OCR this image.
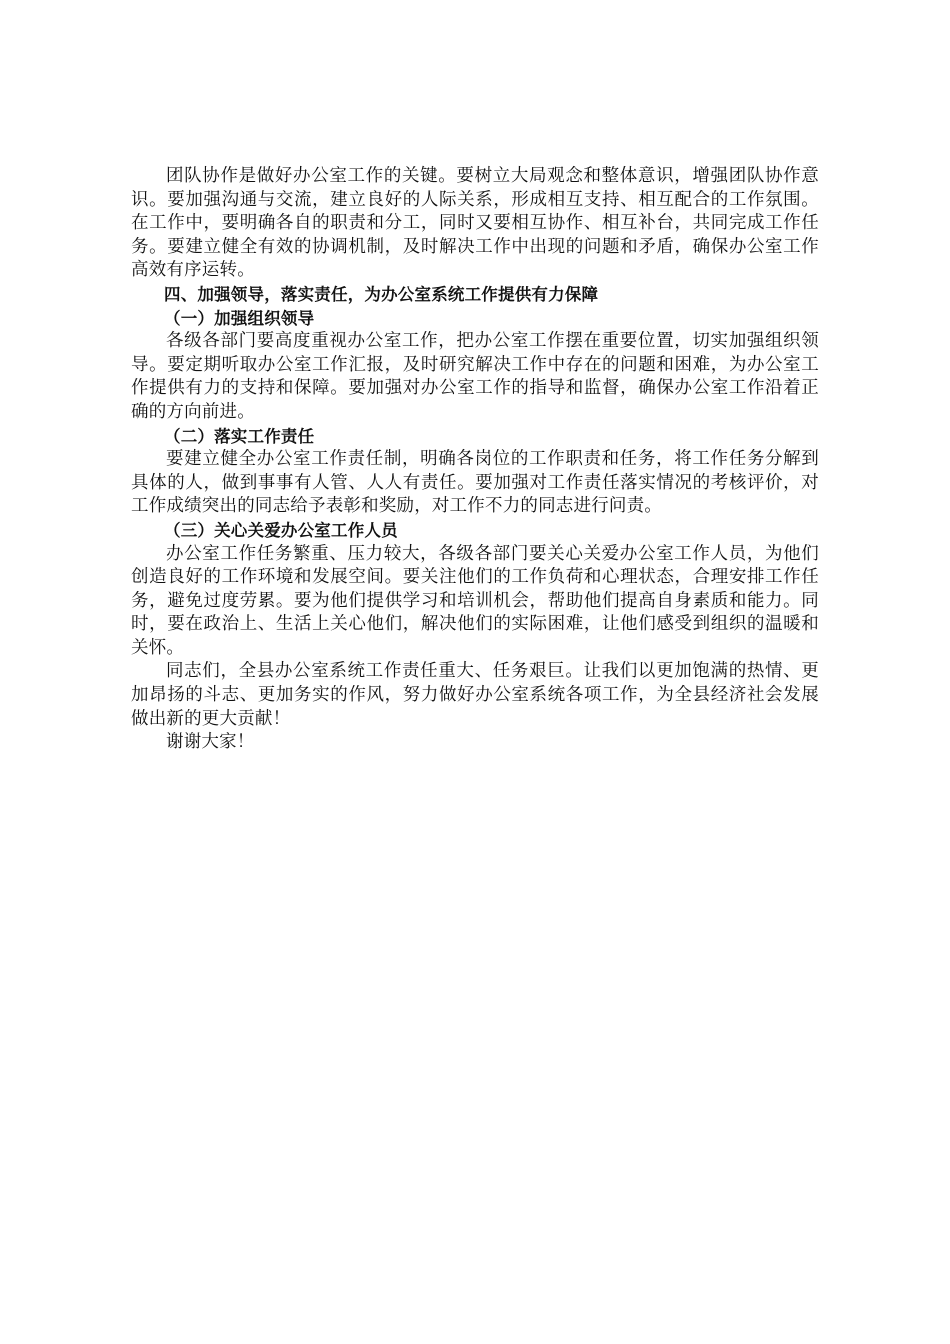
团队协作是做好办公室工作的关键。要树立大局观念和整体意识，增强团队协作意识。要加强沟通与交流，建立良好的人际关系，形成相互支持、相互配合的工作氛围。在工作中，要明确各自的职责和分工，同时又要相互协作、相互补台，共同完成工作任务。要建立健全有效的协调机制，及时解决工作中出现的问题和矛盾，确保办公室工作高效有序运转。

四、加强领导，落实责任，为办公室系统工作提供有力保障

（一）加强组织领导

各级各部门要高度重视办公室工作，把办公室工作摆在重要位置，切实加强组织领导。要定期听取办公室工作汇报，及时研究解决工作中存在的问题和困难，为办公室工作提供有力的支持和保障。要加强对办公室工作的指导和监督，确保办公室工作沿着正确的方向前进。

（二）落实工作责任

要建立健全办公室工作责任制，明确各岗位的工作职责和任务，将工作任务分解到具体的人，做到事事有人管、人人有责任。要加强对工作责任落实情况的考核评价，对工作成绩突出的同志给予表彰和奖励，对工作不力的同志进行问责。

（三）关心关爱办公室工作人员

办公室工作任务繁重、压力较大，各级各部门要关心关爱办公室工作人员，为他们创造良好的工作环境和发展空间。要关注他们的工作负荷和心理状态，合理安排工作任务，避免过度劳累。要为他们提供学习和培训机会，帮助他们提高自身素质和能力。同时，要在政治上、生活上关心他们，解决他们的实际困难，让他们感受到组织的温暖和关怀。

同志们，全县办公室系统工作责任重大、任务艰巨。让我们以更加饱满的热情、更加昂扬的斗志、更加务实的作风，努力做好办公室系统各项工作，为全县经济社会发展做出新的更大贡献！

谢谢大家！
